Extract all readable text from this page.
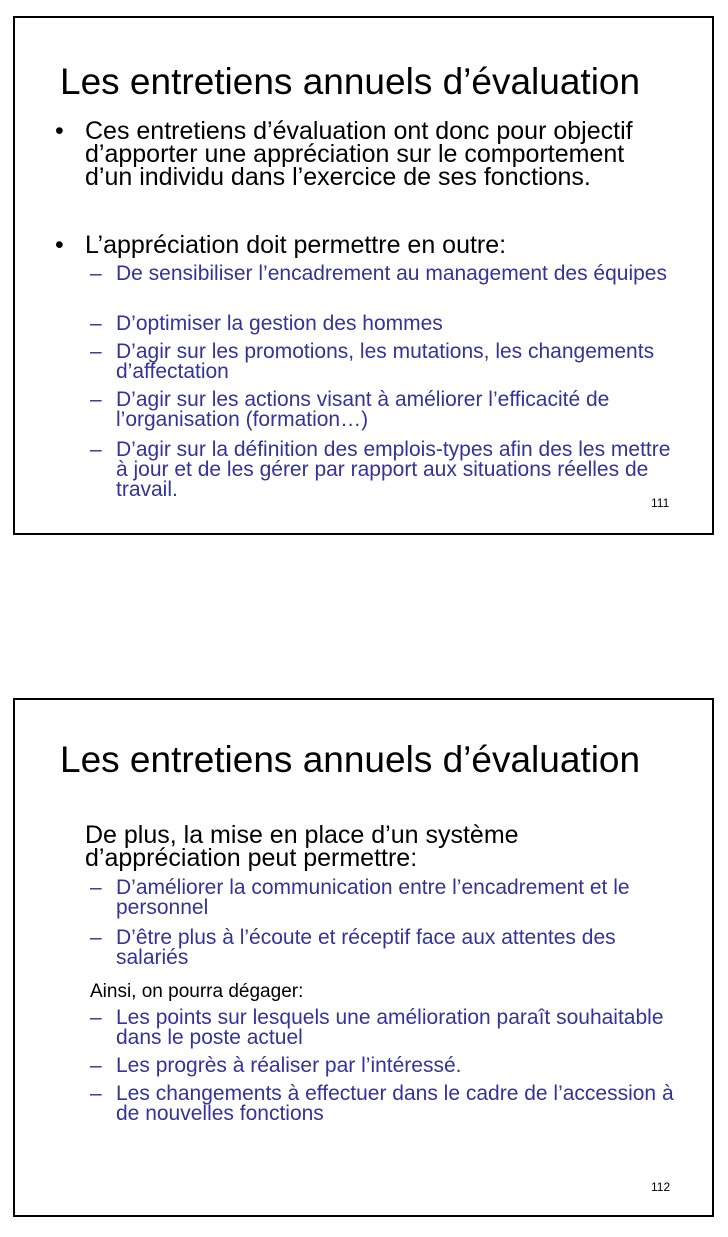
Les entretiens annuels d’évaluation
• Ces entretiens d’évaluation ont donc pour objectif d’apporter une appréciation sur le comportement d’un individu dans l’exercice de ses fonctions.
• L’appréciation doit permettre en outre:
– De sensibiliser l’encadrement au management des équipes
– D’optimiser la gestion des hommes
– D’agir sur les promotions, les mutations, les changements d’affectation
– D’agir sur les actions visant à améliorer l’efficacité de l’organisation (formation…)
– D’agir sur la définition des emplois-types afin des les mettre à jour et de les gérer par rapport aux situations réelles de travail.
111
Les entretiens annuels d’évaluation
De plus, la mise en place d’un système d’appréciation peut permettre:
– D’améliorer la communication entre l’encadrement et le personnel
– D’être plus à l’écoute et réceptif face aux attentes des salariés
Ainsi, on pourra dégager:
– Les points sur lesquels une amélioration paraît souhaitable dans le poste actuel
– Les progrès à réaliser par l’intéressé.
– Les changements à effectuer dans le cadre de l’accession à de nouvelles fonctions
112
